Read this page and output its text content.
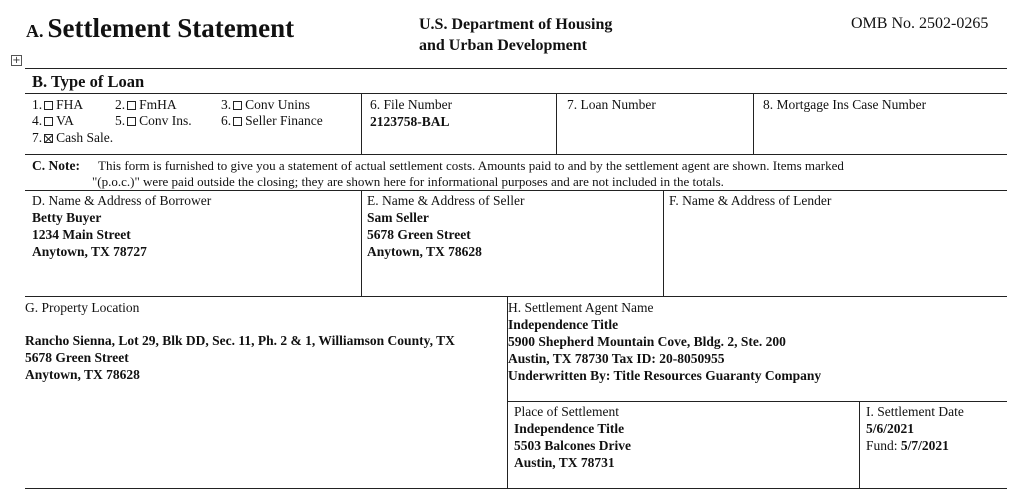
A. Settlement Statement	U.S. Department of Housing
and Urban Development
OMB No. 2502-0265
+
B. Type of Loan
1. FHA 2. FmHA	3. Conv Unins
4. VA	5. Conv Ins. 6. Seller Finance
7. Cash Sale.
6. File Number
2123758-BAL
7. Loan Number	8. Mortgage Ins Case Number
C. Note: This form is furnished to give you a statement of actual settlement costs. Amounts paid to and by the settlement agent are shown. Items marked
"(p.o.c.)" were paid outside the closing; they are shown here for informational purposes and are not included in the totals.
D. Name & Address of Borrower
Betty Buyer
1234 Main Street
Anytown, TX 78727
E. Name & Address of Seller
Sam Seller
5678 Green Street
Anytown, TX 78628
F. Name & Address of Lender
G. Property Location
Rancho Sienna, Lot 29, Blk DD, Sec. 11, Ph. 2 & 1, Williamson County, TX
5678 Green Street
Anytown, TX 78628
H. Settlement Agent Name
Independence Title
5900 Shepherd Mountain Cove, Bldg. 2, Ste. 200
Austin, TX 78730 Tax ID: 20-8050955
Underwritten By: Title Resources Guaranty Company
Place of Settlement
Independence Title
5503 Balcones Drive
Austin, TX 78731
I. Settlement Date
5/6/2021
Fund: 5/7/2021
